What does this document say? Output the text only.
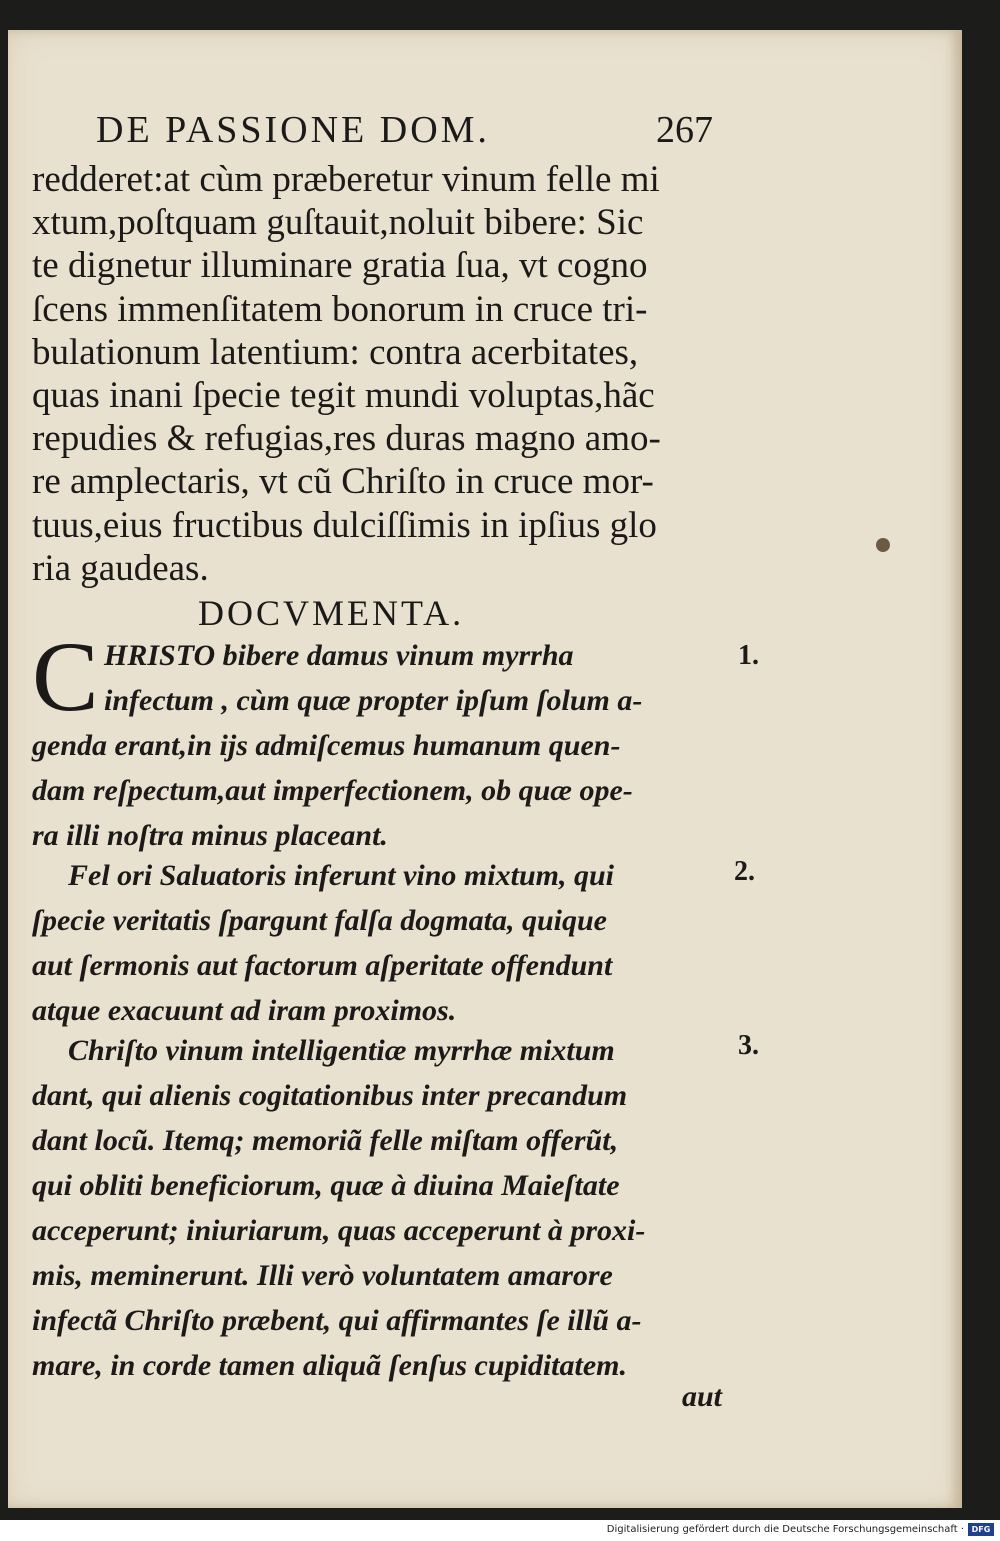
DE PASSIONE DOM.	267
redderet:at cùm præberetur vinum felle mi
xtum,poſtquam guſtauit,noluit bibere: Sic
te dignetur illuminare gratia ſua, vt cogno
ſcens immenſitatem bonorum in cruce tri-
bulationum latentium: contra acerbitates,
quas inani ſpecie tegit mundi voluptas,hãc
repudies & refugias,res duras magno amo-
re amplectaris, vt cũ Chriſto in cruce mor-
tuus,eius fructibus dulciſſimis in ipſius glo
ria gaudeas.
DOCVMENTA.
C HRISTO bibere damus vinum myrrha
infectum , cùm quæ propter ipſum ſolum a-
genda erant,in ijs admiſcemus humanum quen-
dam reſpectum,aut imperfectionem, ob quæ ope-
ra illi noſtra minus placeant.
Fel ori Saluatoris inferunt vino mixtum, qui
ſpecie veritatis ſpargunt falſa dogmata, quique
aut ſermonis aut factorum aſperitate offendunt
atque exacuunt ad iram proximos.
Chriſto vinum intelligentiæ myrrhæ mixtum
dant, qui alienis cogitationibus inter precandum
dant locũ. Itemq; memoriã felle miſtam offerũt,
qui obliti beneficiorum, quæ à diuina Maieſtate
acceperunt; iniuriarum, quas acceperunt à proxi-
mis, meminerunt. Illi verò voluntatem amarore
infectã Chriſto præbent, qui affirmantes ſe illũ a-
mare, in corde tamen aliquã ſenſus cupiditatem.
aut
1.
2.
3.
Digitalisierung gefördert durch die Deutsche Forschungsgemeinschaft · DFG
